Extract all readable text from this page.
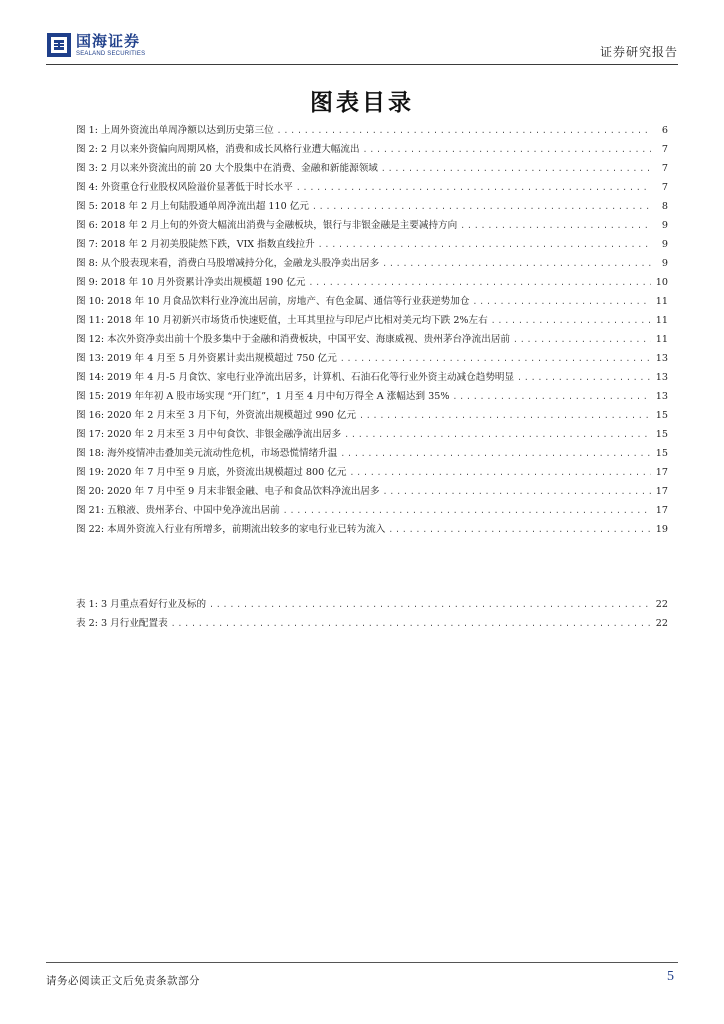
国海证券
SEALAND SECURITIES	证券研究报告
图表目录
图 1: 上周外资流出单周净额以达到历史第三位 .....	6
图 2: 2 月以来外资偏向周期风格，消费和成长风格行业遭大幅流出 .....	7
图 3: 2 月以来外资流出的前 20 大个股集中在消费、金融和新能源领域 .....	7
图 4: 外资重仓行业股权风险溢价显著低于时长水平 .....	7
图 5: 2018 年 2 月上旬陆股通单周净流出超 110 亿元 .....	8
图 6: 2018 年 2 月上旬的外资大幅流出消费与金融板块，银行与非银金融是主要减持方向 .....	9
图 7: 2018 年 2 月初美股陡然下跌，VIX 指数直线拉升 .....	9
图 8: 从个股表现来看，消费白马股增减持分化，金融龙头股净卖出居多 .....	9
图 9: 2018 年 10 月外资累计净卖出规模超 190 亿元 .....	10
图 10: 2018 年 10 月食品饮料行业净流出居前，房地产、有色金属、通信等行业获逆势加仓 .....	11
图 11: 2018 年 10 月初新兴市场货币快速贬值，土耳其里拉与印尼卢比相对美元均下跌 2%左右 .....	11
图 12: 本次外资净卖出前十个股多集中于金融和消费板块，中国平安、海康威视、贵州茅台净流出居前 .....	11
图 13: 2019 年 4 月至 5 月外资累计卖出规模超过 750 亿元 .....	13
图 14: 2019 年 4 月-5 月食饮、家电行业净流出居多，计算机、石油石化等行业外资主动减仓趋势明显 .....	13
图 15: 2019 年年初 A 股市场实现 “开门红”，1 月至 4 月中旬万得全 A 涨幅达到 35% .....	13
图 16: 2020 年 2 月末至 3 月下旬，外资流出规模超过 990 亿元 .....	15
图 17: 2020 年 2 月末至 3 月中旬食饮、非银金融净流出居多 .....	15
图 18: 海外疫情冲击叠加美元流动性危机，市场恐慌情绪升温 .....	15
图 19: 2020 年 7 月中至 9 月底，外资流出规模超过 800 亿元 .....	17
图 20: 2020 年 7 月中至 9 月末非银金融、电子和食品饮料净流出居多 .....	17
图 21: 五粮液、贵州茅台、中国中免净流出居前 .....	17
图 22: 本周外资流入行业有所增多，前期流出较多的家电行业已转为流入 .....	19
表 1: 3 月重点看好行业及标的 .....	22
表 2: 3 月行业配置表 .....	22
请务必阅读正文后免责条款部分	5
